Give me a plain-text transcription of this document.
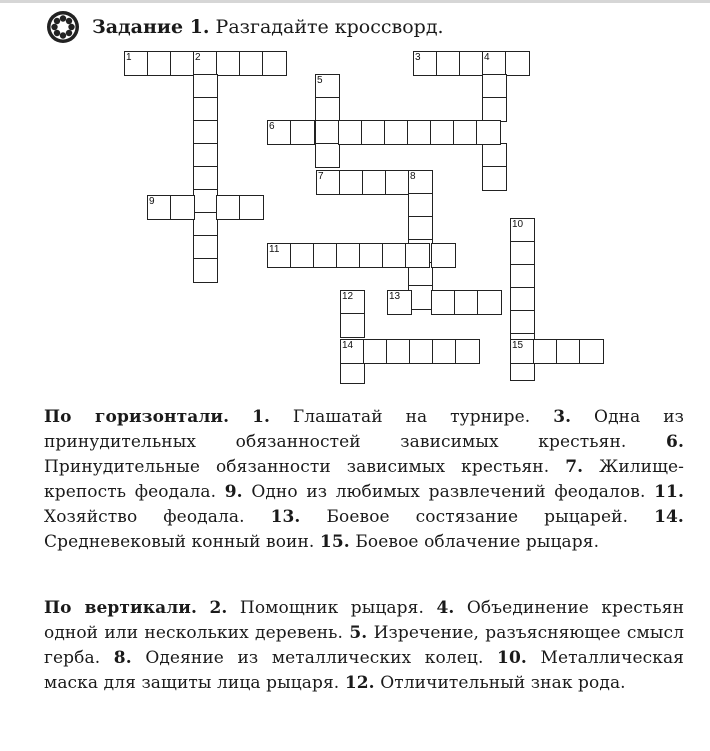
Задание 1. Разгадайте кроссворд.
1	2	3	4
5
6
7	8
9
10
11
12	13
14	15
По горизонтали. 1. Глашатай на турнире. 3. Одна из принудительных обязанностей зависимых крестьян. 6. Принудительные обязанности зависимых крестьян. 7. Жилище-крепость феодала. 9. Одно из любимых развлечений феодалов. 11. Хозяйство феодала. 13. Боевое состязание рыцарей. 14. Средневековый конный воин. 15. Боевое облачение рыцаря.
По вертикали. 2. Помощник рыцаря. 4. Объединение крестьян одной или нескольких деревень. 5. Изречение, разъясняющее смысл герба. 8. Одеяние из металлических колец. 10. Металлическая маска для защиты лица рыцаря. 12. Отличительный знак рода.
